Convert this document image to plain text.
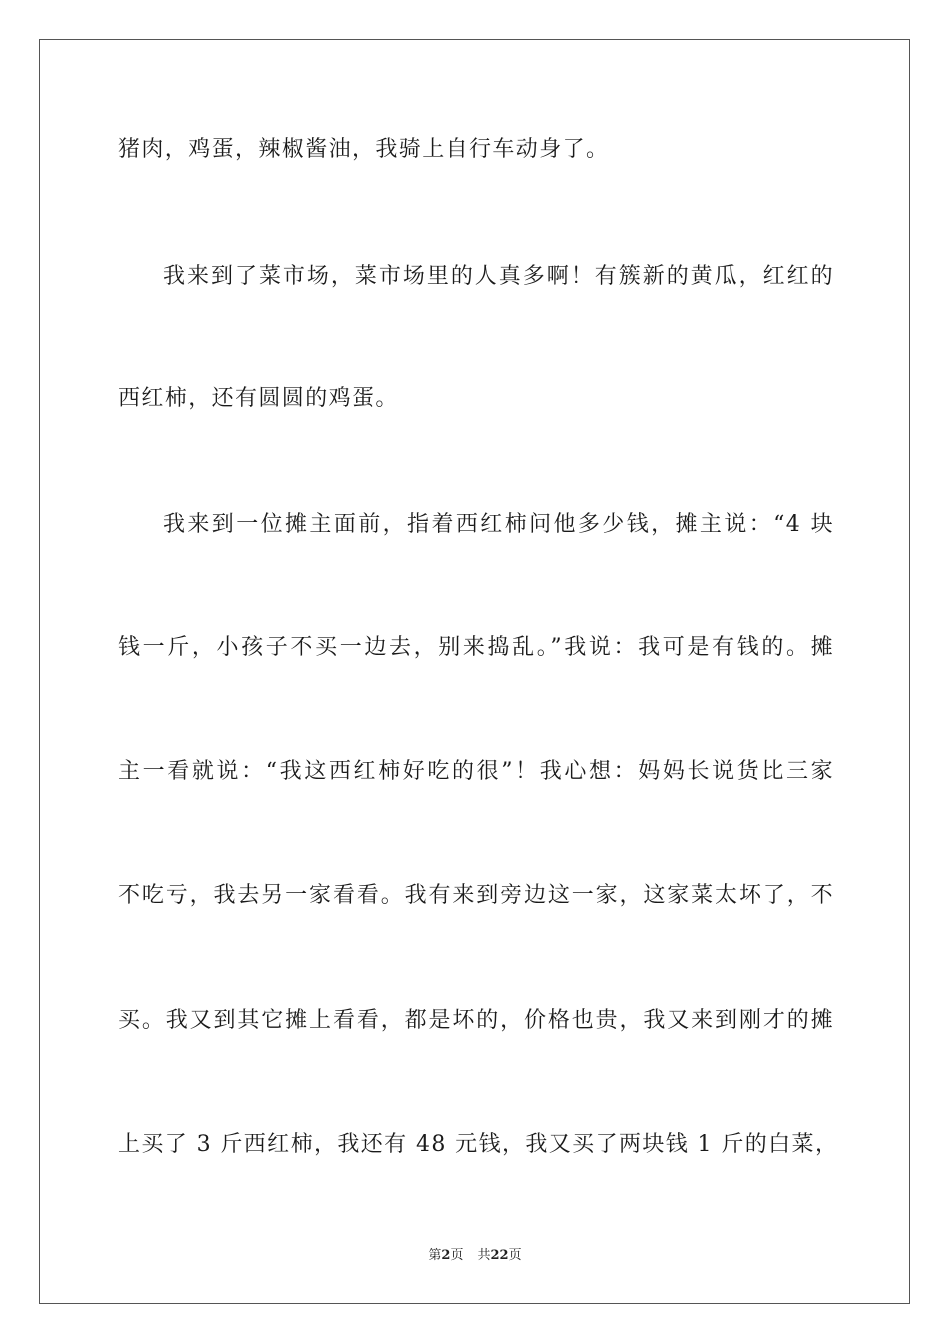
猪肉，鸡蛋，辣椒酱油，我骑上自行车动身了。
我来到了菜市场，菜市场里的人真多啊！有簇新的黄瓜，红红的
西红柿，还有圆圆的鸡蛋。
我来到一位摊主面前，指着西红柿问他多少钱，摊主说：“4 块
钱一斤，小孩子不买一边去，别来捣乱。”我说：我可是有钱的。摊
主一看就说：“我这西红柿好吃的很”！我心想：妈妈长说货比三家
不吃亏，我去另一家看看。我有来到旁边这一家，这家菜太坏了，不
买。我又到其它摊上看看，都是坏的，价格也贵，我又来到刚才的摊
上买了 3 斤西红柿，我还有 48 元钱，我又买了两块钱 1 斤的白菜，
第2页 共22页
